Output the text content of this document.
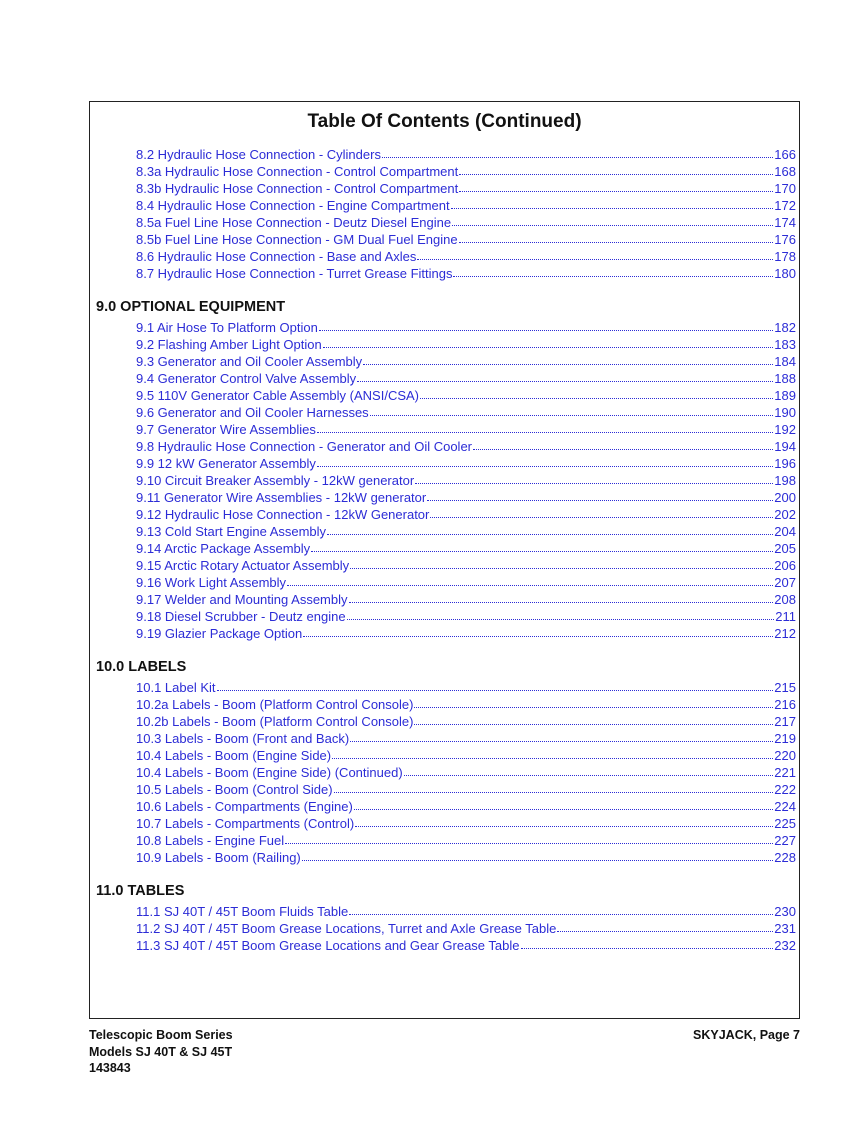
Table Of Contents (Continued)
8.2 Hydraulic Hose Connection - Cylinders	166
8.3a Hydraulic Hose Connection - Control Compartment	168
8.3b Hydraulic Hose Connection - Control Compartment	170
8.4 Hydraulic Hose Connection - Engine Compartment	172
8.5a Fuel Line Hose Connection - Deutz Diesel Engine	174
8.5b Fuel Line Hose Connection - GM Dual Fuel Engine	176
8.6 Hydraulic Hose Connection - Base and Axles	178
8.7 Hydraulic Hose Connection - Turret Grease Fittings	180
9.0 OPTIONAL EQUIPMENT
9.1 Air Hose To Platform Option	182
9.2 Flashing Amber Light Option	183
9.3 Generator and Oil Cooler Assembly	184
9.4 Generator Control Valve Assembly	188
9.5 110V Generator Cable Assembly (ANSI/CSA)	189
9.6 Generator and Oil Cooler Harnesses	190
9.7 Generator Wire Assemblies	192
9.8 Hydraulic Hose Connection - Generator and Oil Cooler	194
9.9 12 kW Generator Assembly	196
9.10 Circuit Breaker Assembly - 12kW generator	198
9.11 Generator Wire Assemblies - 12kW generator	200
9.12 Hydraulic Hose Connection - 12kW Generator	202
9.13 Cold Start Engine Assembly	204
9.14 Arctic Package Assembly	205
9.15 Arctic Rotary Actuator Assembly	206
9.16 Work Light Assembly	207
9.17 Welder and Mounting Assembly	208
9.18 Diesel Scrubber - Deutz engine	211
9.19 Glazier Package Option	212
10.0 LABELS
10.1 Label Kit	215
10.2a Labels - Boom (Platform Control Console)	216
10.2b Labels - Boom (Platform Control Console)	217
10.3 Labels - Boom (Front and Back)	219
10.4 Labels - Boom (Engine Side)	220
10.4 Labels - Boom (Engine Side) (Continued)	221
10.5 Labels - Boom (Control Side)	222
10.6 Labels - Compartments (Engine)	224
10.7 Labels - Compartments (Control)	225
10.8 Labels - Engine Fuel	227
10.9 Labels - Boom (Railing)	228
11.0 TABLES
11.1 SJ 40T / 45T Boom Fluids Table	230
11.2 SJ 40T / 45T Boom Grease Locations, Turret and Axle Grease Table	231
11.3 SJ 40T / 45T Boom Grease Locations and Gear Grease Table	232
Telescopic Boom Series
Models SJ 40T & SJ 45T
143843
SKYJACK, Page 7
